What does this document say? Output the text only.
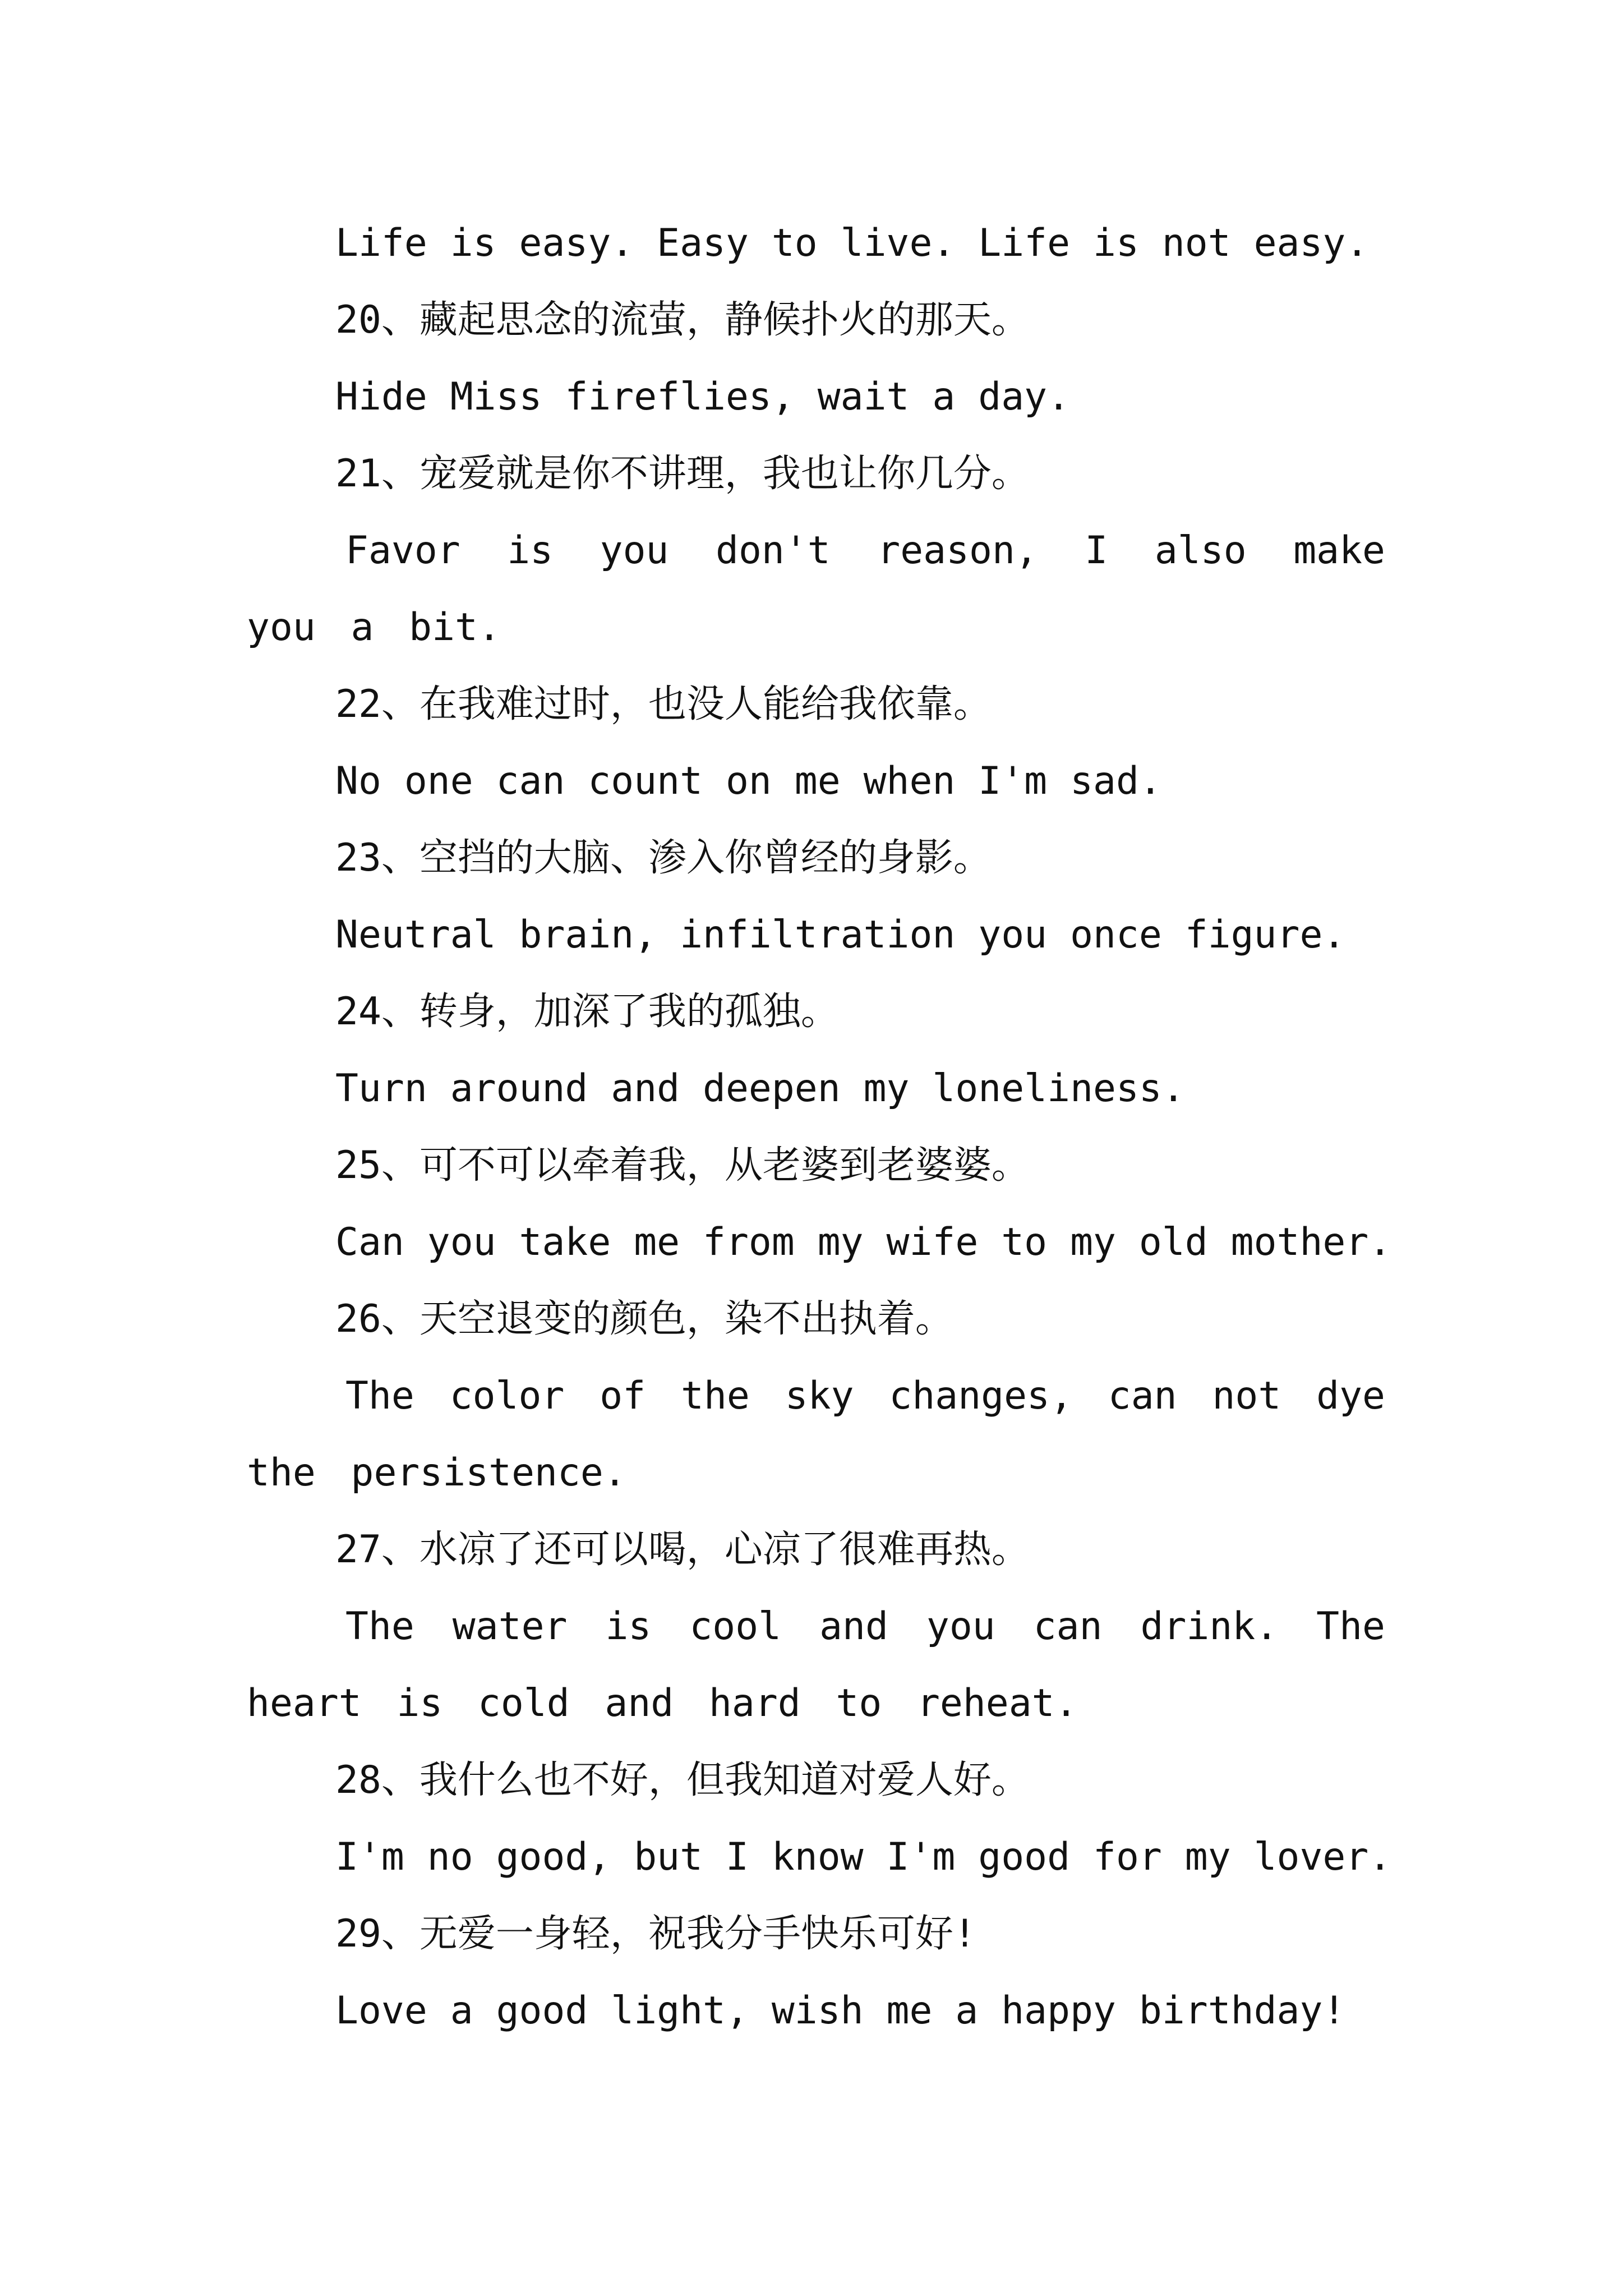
Life is easy. Easy to live. Life is not easy.

20、藏起思念的流萤，静候扑火的那天。

Hide Miss fireflies, wait a day.

21、宠爱就是你不讲理，我也让你几分。

Favor is you don't reason, I also make you a bit.

22、在我难过时，也没人能给我依靠。

No one can count on me when I'm sad.

23、空挡的大脑、渗入你曾经的身影。

Neutral brain, infiltration you once figure.

24、转身，加深了我的孤独。

Turn around and deepen my loneliness.

25、可不可以牵着我，从老婆到老婆婆。

Can you take me from my wife to my old mother.

26、天空退变的颜色，染不出执着。

The color of the sky changes, can not dye the persistence.

27、水凉了还可以喝，心凉了很难再热。

The water is cool and you can drink. The heart is cold and hard to reheat.

28、我什么也不好，但我知道对爱人好。

I'm no good, but I know I'm good for my lover.

29、无爱一身轻，祝我分手快乐可好!

Love a good light, wish me a happy birthday!
